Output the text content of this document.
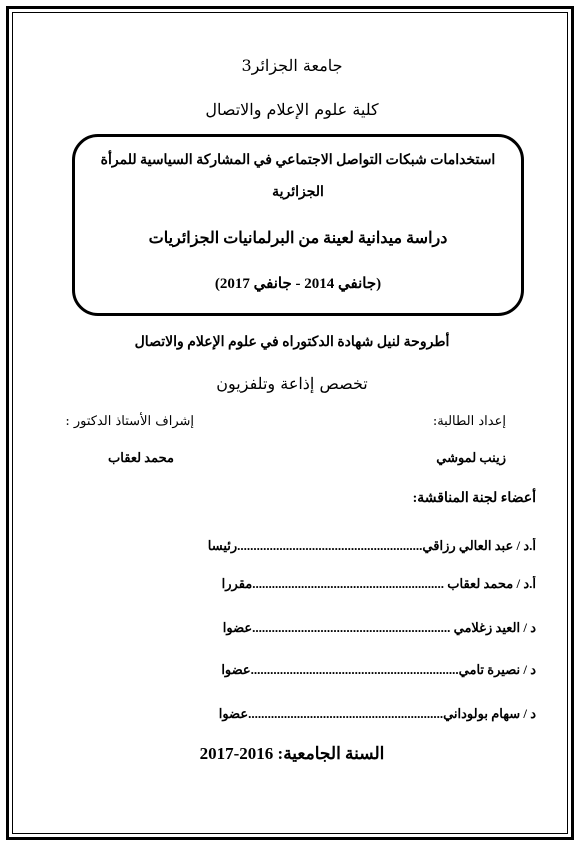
جامعة الجزائر3
كلية علوم الإعلام والاتصال
استخدامات شبكات التواصل الاجتماعي في المشاركة السياسية للمرأة
الجزائرية
دراسة ميدانية لعينة من البرلمانيات الجزائريات
(جانفي 2014 - جانفي 2017)
أطروحة لنيل شهادة الدكتوراه في علوم الإعلام والاتصال
تخصص إذاعة وتلفزيون
إعداد الطالبة:
إشراف الأستاذ الدكتور :
زينب لموشي
محمد لعقاب
أعضاء لجنة المناقشة:
أ.د / عبد العالي رزاقي.........................................................رئيسا
أ.د / محمد لعقاب ...........................................................مقررا
د / العيد زغلامي .............................................................عضوا
د / نصيرة تامي................................................................عضوا
د / سهام بولوداني............................................................عضوا
السنة الجامعية: 2016-2017
